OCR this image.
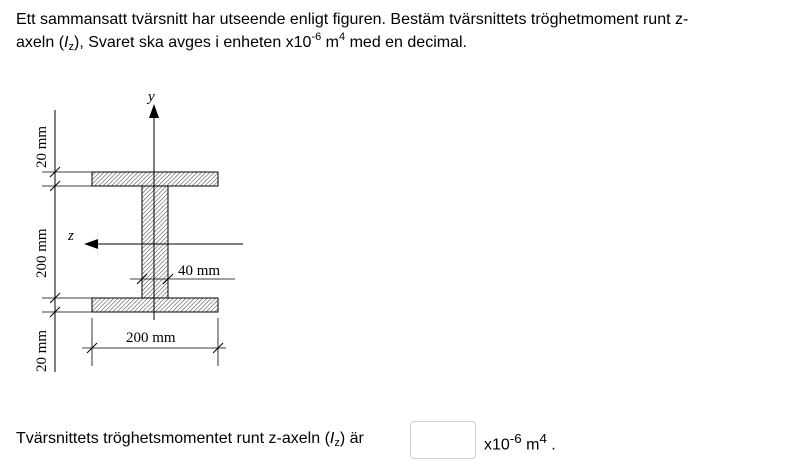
Ett sammansatt tvärsnitt har utseende enligt figuren. Bestäm tvärsnittets tröghetmoment runt z-
axeln $(I_z)$, Svaret ska avges i enheten $x10^{-6}$ $m^4$ med en decimal.
y
z
20 mm
200 mm
20 mm
40 mm
200 mm
Tvärsnittets tröghetsmomentet runt z-axeln $(I_z)$ är	$x10^{-6}$ $m^4$ .
